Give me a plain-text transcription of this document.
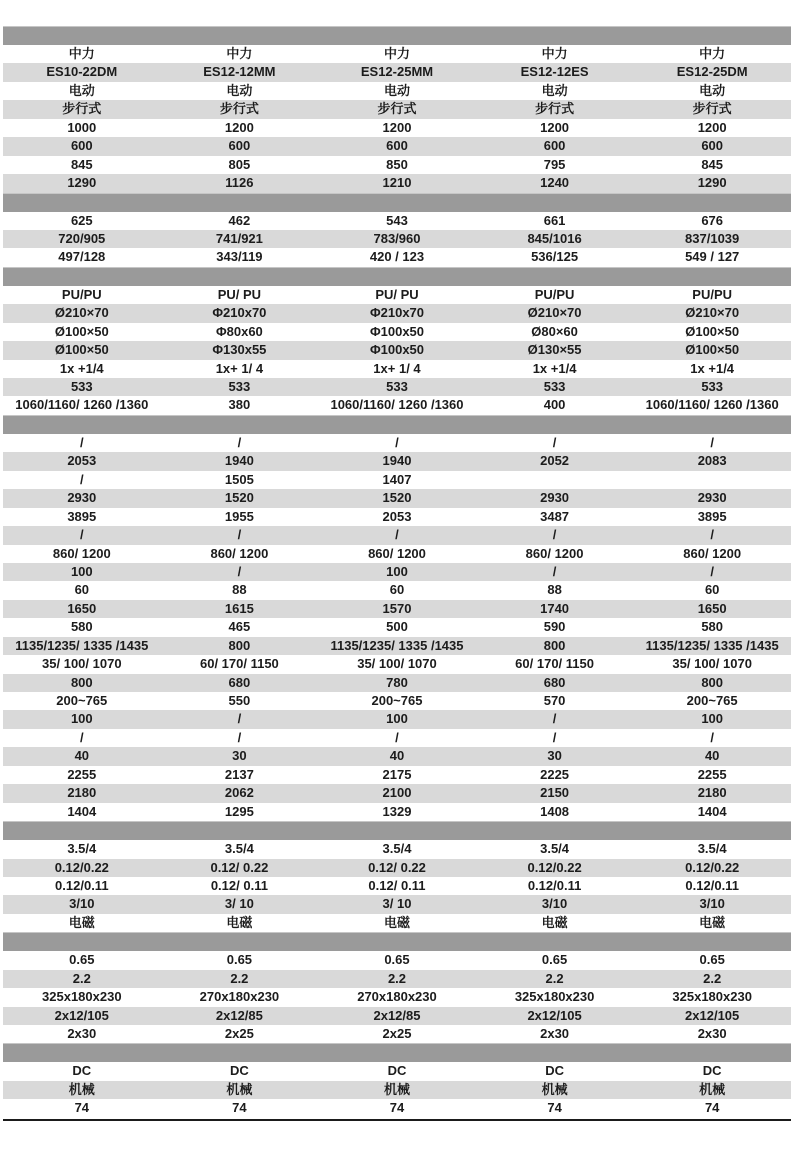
中力	中力	中力	中力	中力
ES10-22DM	ES12-12MM	ES12-25MM	ES12-12ES	ES12-25DM
电动	电动	电动	电动	电动
步行式	步行式	步行式	步行式	步行式
1000	1200	1200	1200	1200
600	600	600	600	600
845	805	850	795	845
1290	1126	1210	1240	1290
625	462	543	661	676
720/905	741/921	783/960	845/1016	837/1039
497/128	343/119	420 / 123	536/125	549 / 127
PU/PU	PU/ PU	PU/ PU	PU/PU	PU/PU
Ø210×70	Φ210x70	Φ210x70	Ø210×70	Ø210×70
Ø100×50	Φ80x60	Φ100x50	Ø80×60	Ø100×50
Ø100×50	Φ130x55	Φ100x50	Ø130×55	Ø100×50
1x +1/4	1x+ 1/ 4	1x+ 1/ 4	1x +1/4	1x +1/4
533	533	533	533	533
1060/1160/ 1260 /1360	380	1060/1160/ 1260 /1360	400	1060/1160/ 1260 /1360
/	/	/	/	/
2053	1940	1940	2052	2083
/	1505	1407
2930	1520	1520	2930	2930
3895	1955	2053	3487	3895
/	/	/	/	/
860/ 1200	860/ 1200	860/ 1200	860/ 1200	860/ 1200
100	/	100	/	/
60	88	60	88	60
1650	1615	1570	1740	1650
580	465	500	590	580
1135/1235/ 1335 /1435	800	1135/1235/ 1335 /1435	800	1135/1235/ 1335 /1435
35/ 100/ 1070	60/ 170/ 1150	35/ 100/ 1070	60/ 170/ 1150	35/ 100/ 1070
800	680	780	680	800
200~765	550	200~765	570	200~765
100	/	100	/	100
/	/	/	/	/
40	30	40	30	40
2255	2137	2175	2225	2255
2180	2062	2100	2150	2180
1404	1295	1329	1408	1404
3.5/4	3.5/4	3.5/4	3.5/4	3.5/4
0.12/0.22	0.12/ 0.22	0.12/ 0.22	0.12/0.22	0.12/0.22
0.12/0.11	0.12/ 0.11	0.12/ 0.11	0.12/0.11	0.12/0.11
3/10	3/ 10	3/ 10	3/10	3/10
电磁	电磁	电磁	电磁	电磁
0.65	0.65	0.65	0.65	0.65
2.2	2.2	2.2	2.2	2.2
325x180x230	270x180x230	270x180x230	325x180x230	325x180x230
2x12/105	2x12/85	2x12/85	2x12/105	2x12/105
2x30	2x25	2x25	2x30	2x30
DC	DC	DC	DC	DC
机械	机械	机械	机械	机械
74	74	74	74	74
